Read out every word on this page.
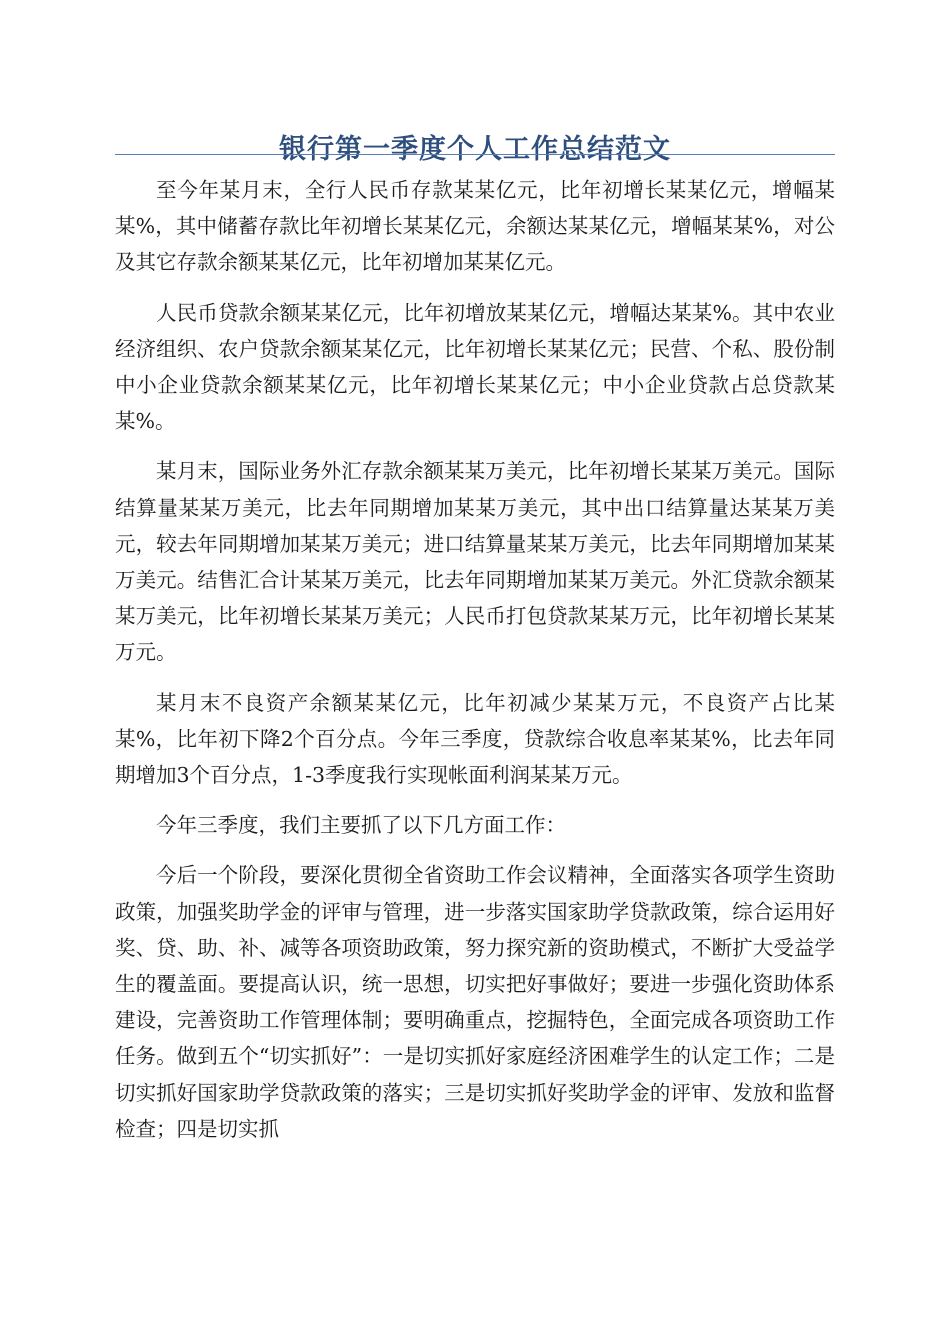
银行第一季度个人工作总结范文

至今年某月末，全行人民币存款某某亿元，比年初增长某某亿元，增幅某某%，其中储蓄存款比年初增长某某亿元，余额达某某亿元，增幅某某%，对公及其它存款余额某某亿元，比年初增加某某亿元。

人民币贷款余额某某亿元，比年初增放某某亿元，增幅达某某%。其中农业经济组织、农户贷款余额某某亿元，比年初增长某某亿元；民营、个私、股份制中小企业贷款余额某某亿元，比年初增长某某亿元；中小企业贷款占总贷款某某%。

某月末，国际业务外汇存款余额某某万美元，比年初增长某某万美元。国际结算量某某万美元，比去年同期增加某某万美元，其中出口结算量达某某万美元，较去年同期增加某某万美元；进口结算量某某万美元，比去年同期增加某某万美元。结售汇合计某某万美元，比去年同期增加某某万美元。外汇贷款余额某某万美元，比年初增长某某万美元；人民币打包贷款某某万元，比年初增长某某万元。

某月末不良资产余额某某亿元，比年初减少某某万元，不良资产占比某某%，比年初下降2个百分点。今年三季度，贷款综合收息率某某%，比去年同期增加3个百分点，1-3季度我行实现帐面利润某某万元。

今年三季度，我们主要抓了以下几方面工作：

今后一个阶段，要深化贯彻全省资助工作会议精神，全面落实各项学生资助政策，加强奖助学金的评审与管理，进一步落实国家助学贷款政策，综合运用好奖、贷、助、补、减等各项资助政策，努力探究新的资助模式，不断扩大受益学生的覆盖面。要提高认识，统一思想，切实把好事做好；要进一步强化资助体系建设，完善资助工作管理体制；要明确重点，挖掘特色，全面完成各项资助工作任务。做到五个“切实抓好”：一是切实抓好家庭经济困难学生的认定工作；二是切实抓好国家助学贷款政策的落实；三是切实抓好奖助学金的评审、发放和监督检查；四是切实抓
